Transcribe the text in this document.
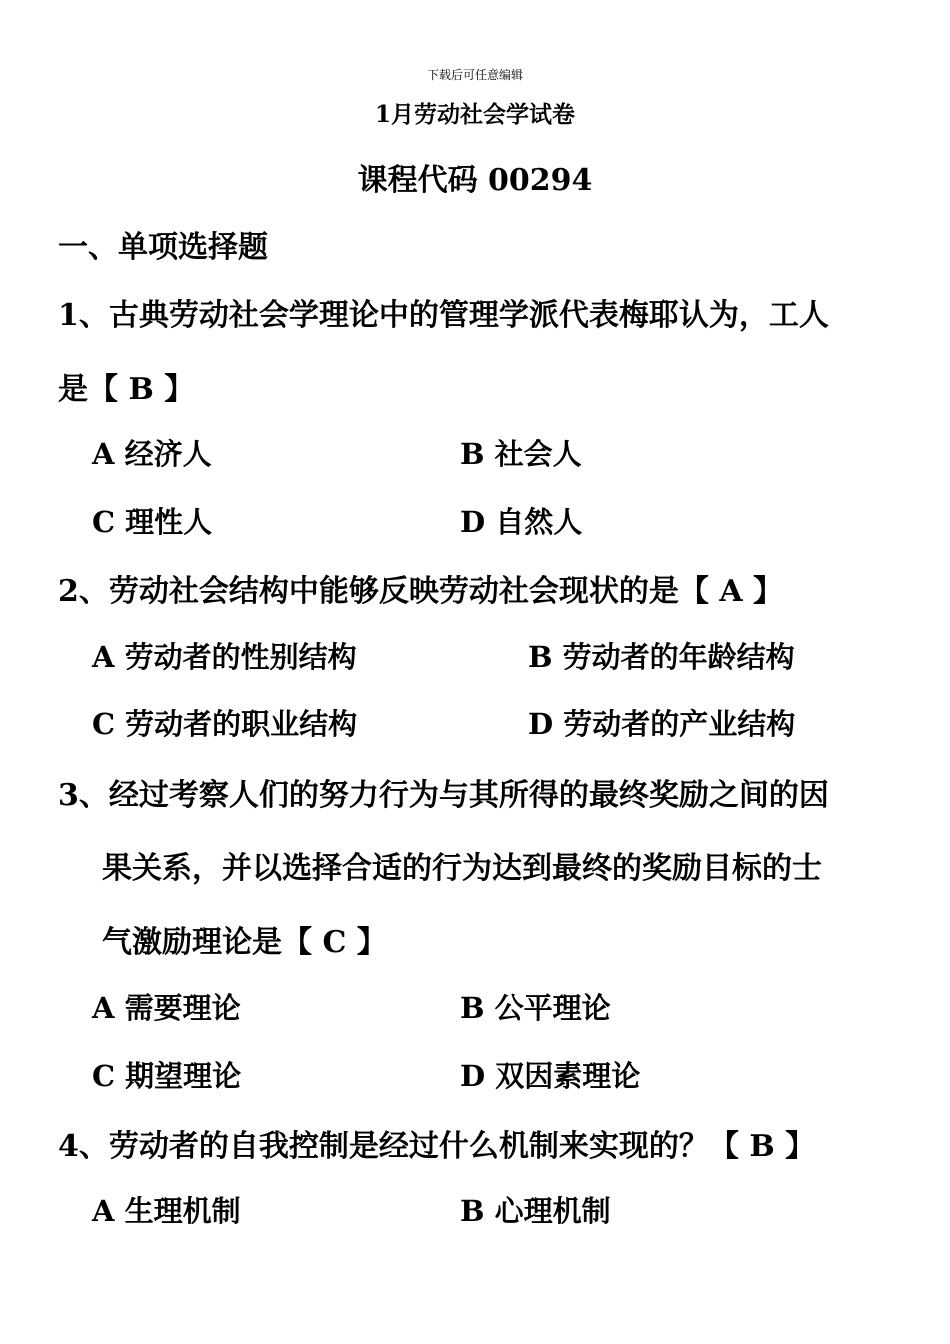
下载后可任意编辑
1月劳动社会学试卷
课程代码 00294
一、单项选择题
1、古典劳动社会学理论中的管理学派代表梅耶认为，工人
是【 B 】
A 经济人	B 社会人
C 理性人	D 自然人
2、劳动社会结构中能够反映劳动社会现状的是【 A 】
A 劳动者的性别结构	B 劳动者的年龄结构
C 劳动者的职业结构	D 劳动者的产业结构
3、经过考察人们的努力行为与其所得的最终奖励之间的因
果关系，并以选择合适的行为达到最终的奖励目标的士
气激励理论是【 C 】
A 需要理论	B 公平理论
C 期望理论	D 双因素理论
4、劳动者的自我控制是经过什么机制来实现的？【 B 】
A 生理机制	B 心理机制
